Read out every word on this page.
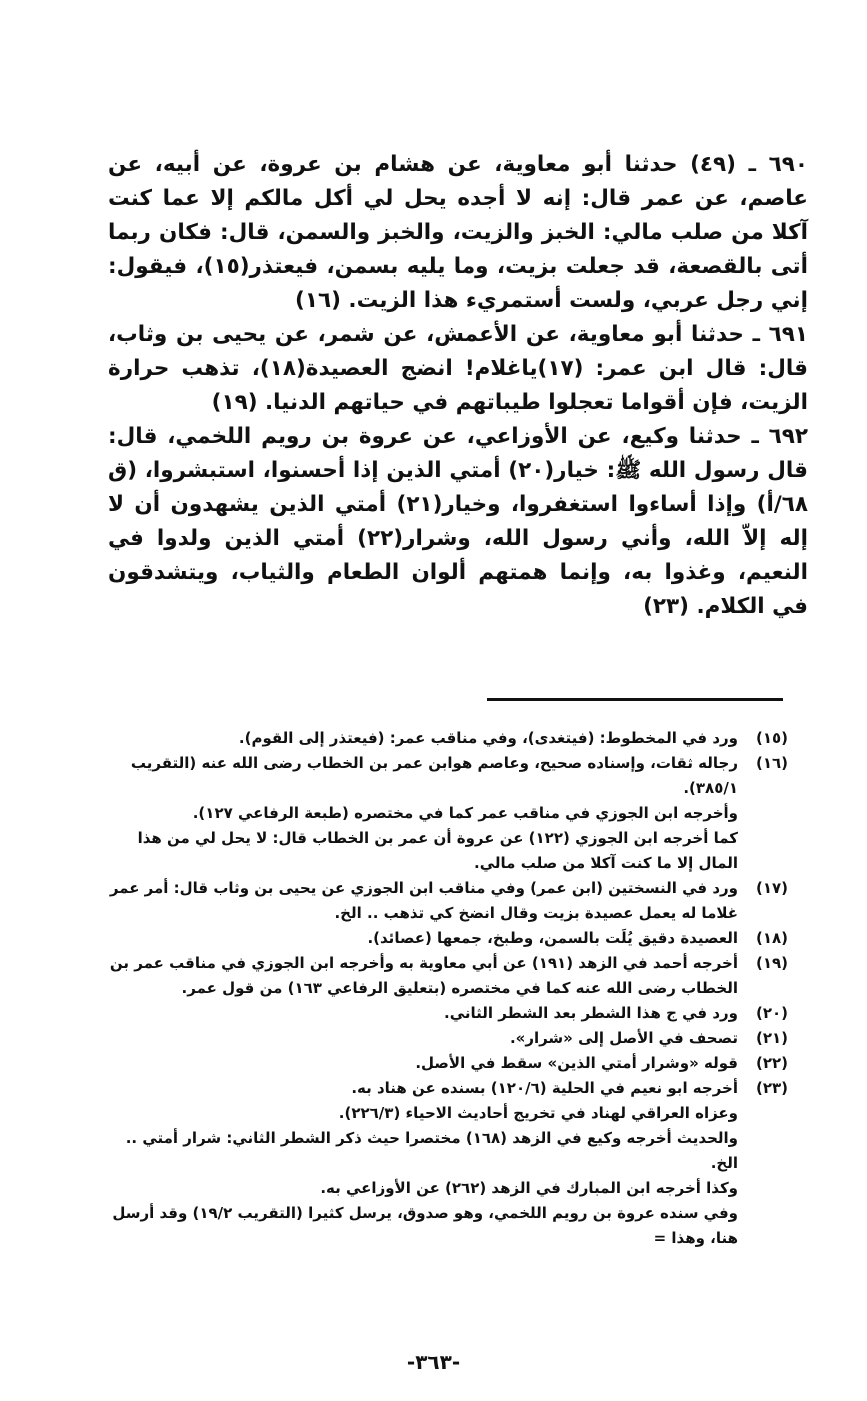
٦٩٠ ـ (٤٩) حدثنا أبو معاوية، عن هشام بن عروة، عن أبيه، عن عاصم، عن عمر قال: إنه لا أجده يحل لي أكل مالكم إلا عما كنت آكلا من صلب مالي: الخبز والزيت، والخبز والسمن، قال: فكان ربما أتى بالقصعة، قد جعلت بزيت، وما يليه بسمن، فيعتذر(١٥)، فيقول: إني رجل عربي، ولست أستمريء هذا الزيت. (١٦)

٦٩١ ـ حدثنا أبو معاوية، عن الأعمش، عن شمر، عن يحيى بن وثاب، قال: قال ابن عمر: (١٧)ياغلام! انضج العصيدة(١٨)، تذهب حرارة الزيت، فإن أقواما تعجلوا طيباتهم في حياتهم الدنيا. (١٩)

٦٩٢ ـ حدثنا وكيع، عن الأوزاعي، عن عروة بن رويم اللخمي، قال: قال رسول الله ﷺ: خيار(٢٠) أمتي الذين إذا أحسنوا، استبشروا، (ق ٦٨/أ) وإذا أساءوا استغفروا، وخيار(٢١) أمتي الذين يشهدون أن لا إله إلاّ الله، وأني رسول الله، وشرار(٢٢) أمتي الذين ولدوا في النعيم، وغذوا به، وإنما همتهم ألوان الطعام والثياب، ويتشدقون في الكلام. (٢٣)

(١٥)

ورد في المخطوط: (فيتغدى)، وفي مناقب عمر: (فيعتذر إلى القوم).

(١٦)

رجاله ثقات، وإسناده صحيح، وعاصم هوابن عمر بن الخطاب رضى الله عنه (التقريب ٣٨٥/١).

وأخرجه ابن الجوزي في مناقب عمر كما في مختصره (طبعة الرفاعي ١٢٧).

كما أخرجه ابن الجوزي (١٢٢) عن عروة أن عمر بن الخطاب قال: لا يحل لي من هذا المال إلا ما كنت آكلا من صلب مالي.

(١٧)

ورد في النسختين (ابن عمر) وفي مناقب ابن الجوزي عن يحيى بن وثاب قال: أمر عمر غلاما له يعمل عصيدة بزيت وقال انضخ كي تذهب .. الخ.

(١٨)

العصيدة دقيق يُلَت بالسمن، وطبخ، جمعها (عصائد).

(١٩)

أخرجه أحمد في الزهد (١٩١) عن أبي معاوية به وأخرجه ابن الجوزي في مناقب عمر بن الخطاب رضى الله عنه كما في مختصره (بتعليق الرفاعي ١٦٣) من قول عمر.

(٢٠)

ورد في ج هذا الشطر بعد الشطر الثاني.

(٢١)

تصحف في الأصل إلى «شرار».

(٢٢)

قوله «وشرار أمتي الذين» سقط في الأصل.

(٢٣)

أخرجه ابو نعيم في الحلية (١٢٠/٦) بسنده عن هناد به.

وعزاه العراقي لهناد في تخريج أحاديث الاحياء (٢٢٦/٣).

والحديث أخرجه وكيع في الزهد (١٦٨) مختصرا حيث ذكر الشطر الثاني: شرار أمتي .. الخ.

وكذا أخرجه ابن المبارك في الزهد (٢٦٢) عن الأوزاعي به.

وفي سنده عروة بن رويم اللخمي، وهو صدوق، يرسل كثيرا (التقريب ١٩/٢) وقد أرسل هنا، وهذا =

-٣٦٣-
